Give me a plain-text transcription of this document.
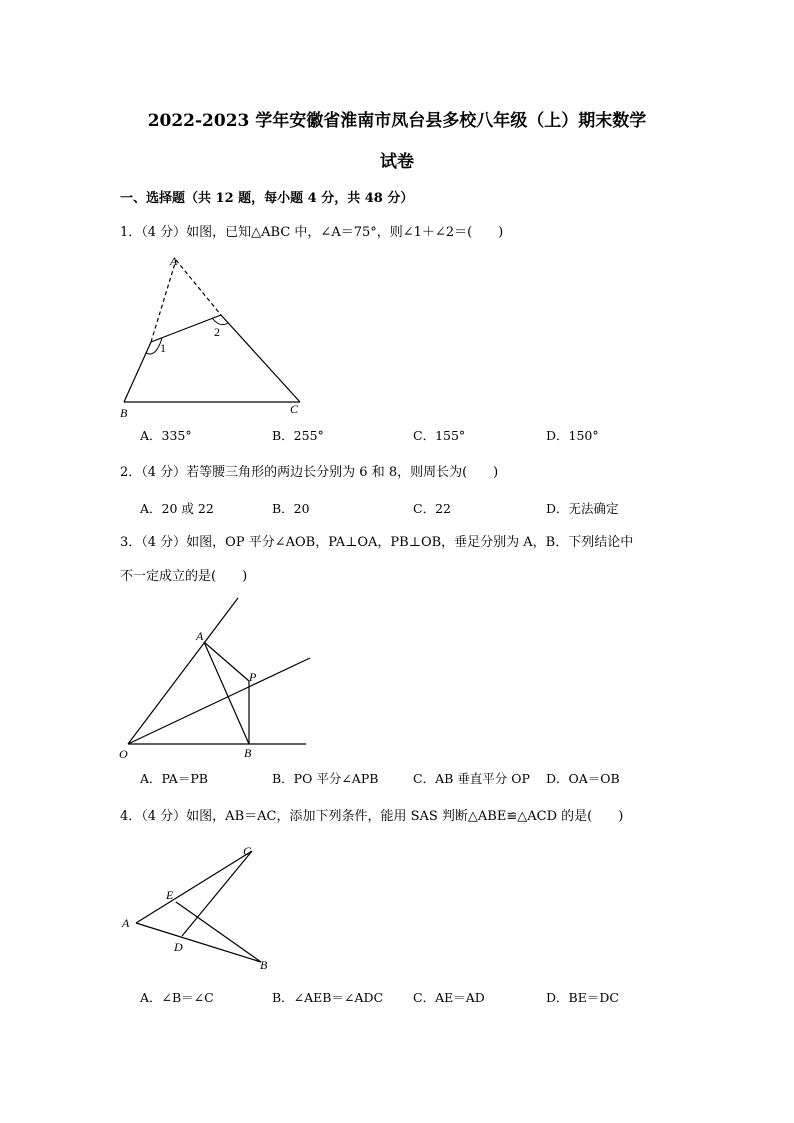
2022-2023 学年安徽省淮南市凤台县多校八年级（上）期末数学
试卷
一、选择题（共 12 题，每小题 4 分，共 48 分）
1．（4 分）如图，已知△ABC 中，∠A＝75°，则∠1＋∠2＝(　　)
A
B	C
1
2
A．335°	B．255°	C．155°	D．150°
2．（4 分）若等腰三角形的两边长分别为 6 和 8，则周长为(　　)
A．20 或 22	B．20	C．22	D．无法确定
3．（4 分）如图，OP 平分∠AOB，PA⊥OA，PB⊥OB，垂足分别为 A，B．下列结论中
不一定成立的是(　　)
A
P
O	B
A．PA＝PB	B．PO 平分∠APB	C．AB 垂直平分 OP D．OA＝OB
4．（4 分）如图，AB＝AC，添加下列条件，能用 SAS 判断△ABE≌△ACD 的是(　　)
C
E
A
D
B
A．∠B＝∠C	B．∠AEB＝∠ADC C．AE＝AD	D．BE＝DC
